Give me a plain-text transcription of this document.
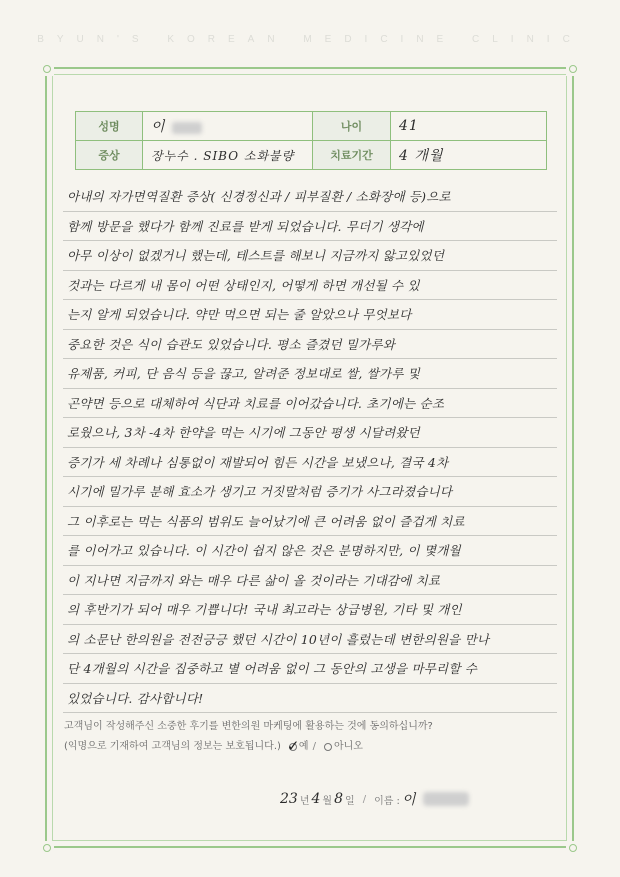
BYUN'S KOREAN MEDICINE CLINIC
성명	이	나이	41
증상	장누수 . SIBO 소화불량	치료기간	4 개월
아내의 자가면역질환 증상( 신경정신과 / 피부질환 / 소화장애 등)으로
함께 방문을 했다가 함께 진료를 받게 되었습니다. 무더기 생각에
아무 이상이 없겠거니 했는데, 테스트를 해보니 지금까지 앓고있었던
것과는 다르게 내 몸이 어떤 상태인지, 어떻게 하면 개선될 수 있
는지 알게 되었습니다. 약만 먹으면 되는 줄 알았으나 무엇보다
중요한 것은 식이 습관도 있었습니다. 평소 즐겼던 밀가루와
유제품, 커피, 단 음식 등을 끊고, 알려준 정보대로 쌀, 쌀가루 및
곤약면 등으로 대체하여 식단과 치료를 이어갔습니다. 초기에는 순조
로웠으나, 3차 -4차 한약을 먹는 시기에 그동안 평생 시달려왔던
증기가 세 차례나 심통없이 재발되어 힘든 시간을 보냈으나, 결국 4차
시기에 밀가루 분해 효소가 생기고 거짓말처럼 증기가 사그라졌습니다
그 이후로는 먹는 식품의 범위도 늘어났기에 큰 어려움 없이 즐겁게 치료
를 이어가고 있습니다. 이 시간이 쉽지 않은 것은 분명하지만, 이 몇개월
이 지나면 지금까지 와는 매우 다른 삶이 올 것이라는 기대감에 치료
의 후반기가 되어 매우 기쁩니다! 국내 최고라는 상급병원, 기타 및 개인
의 소문난 한의원을 전전긍긍 했던 시간이 10년이 흘렀는데 변한의원을 만나
단 4개월의 시간을 집중하고 별 어려움 없이 그 동안의 고생을 마무리할 수
있었습니다. 감사합니다!
고객님이 작성해주신 소중한 후기를 변한의원 마케팅에 활용하는 것에 동의하십니까?
(익명으로 기재하여 고객님의 정보는 보호됩니다.) ✓ 예 / 아니오
23 년 4 월 8 일 / 이름 : 이
